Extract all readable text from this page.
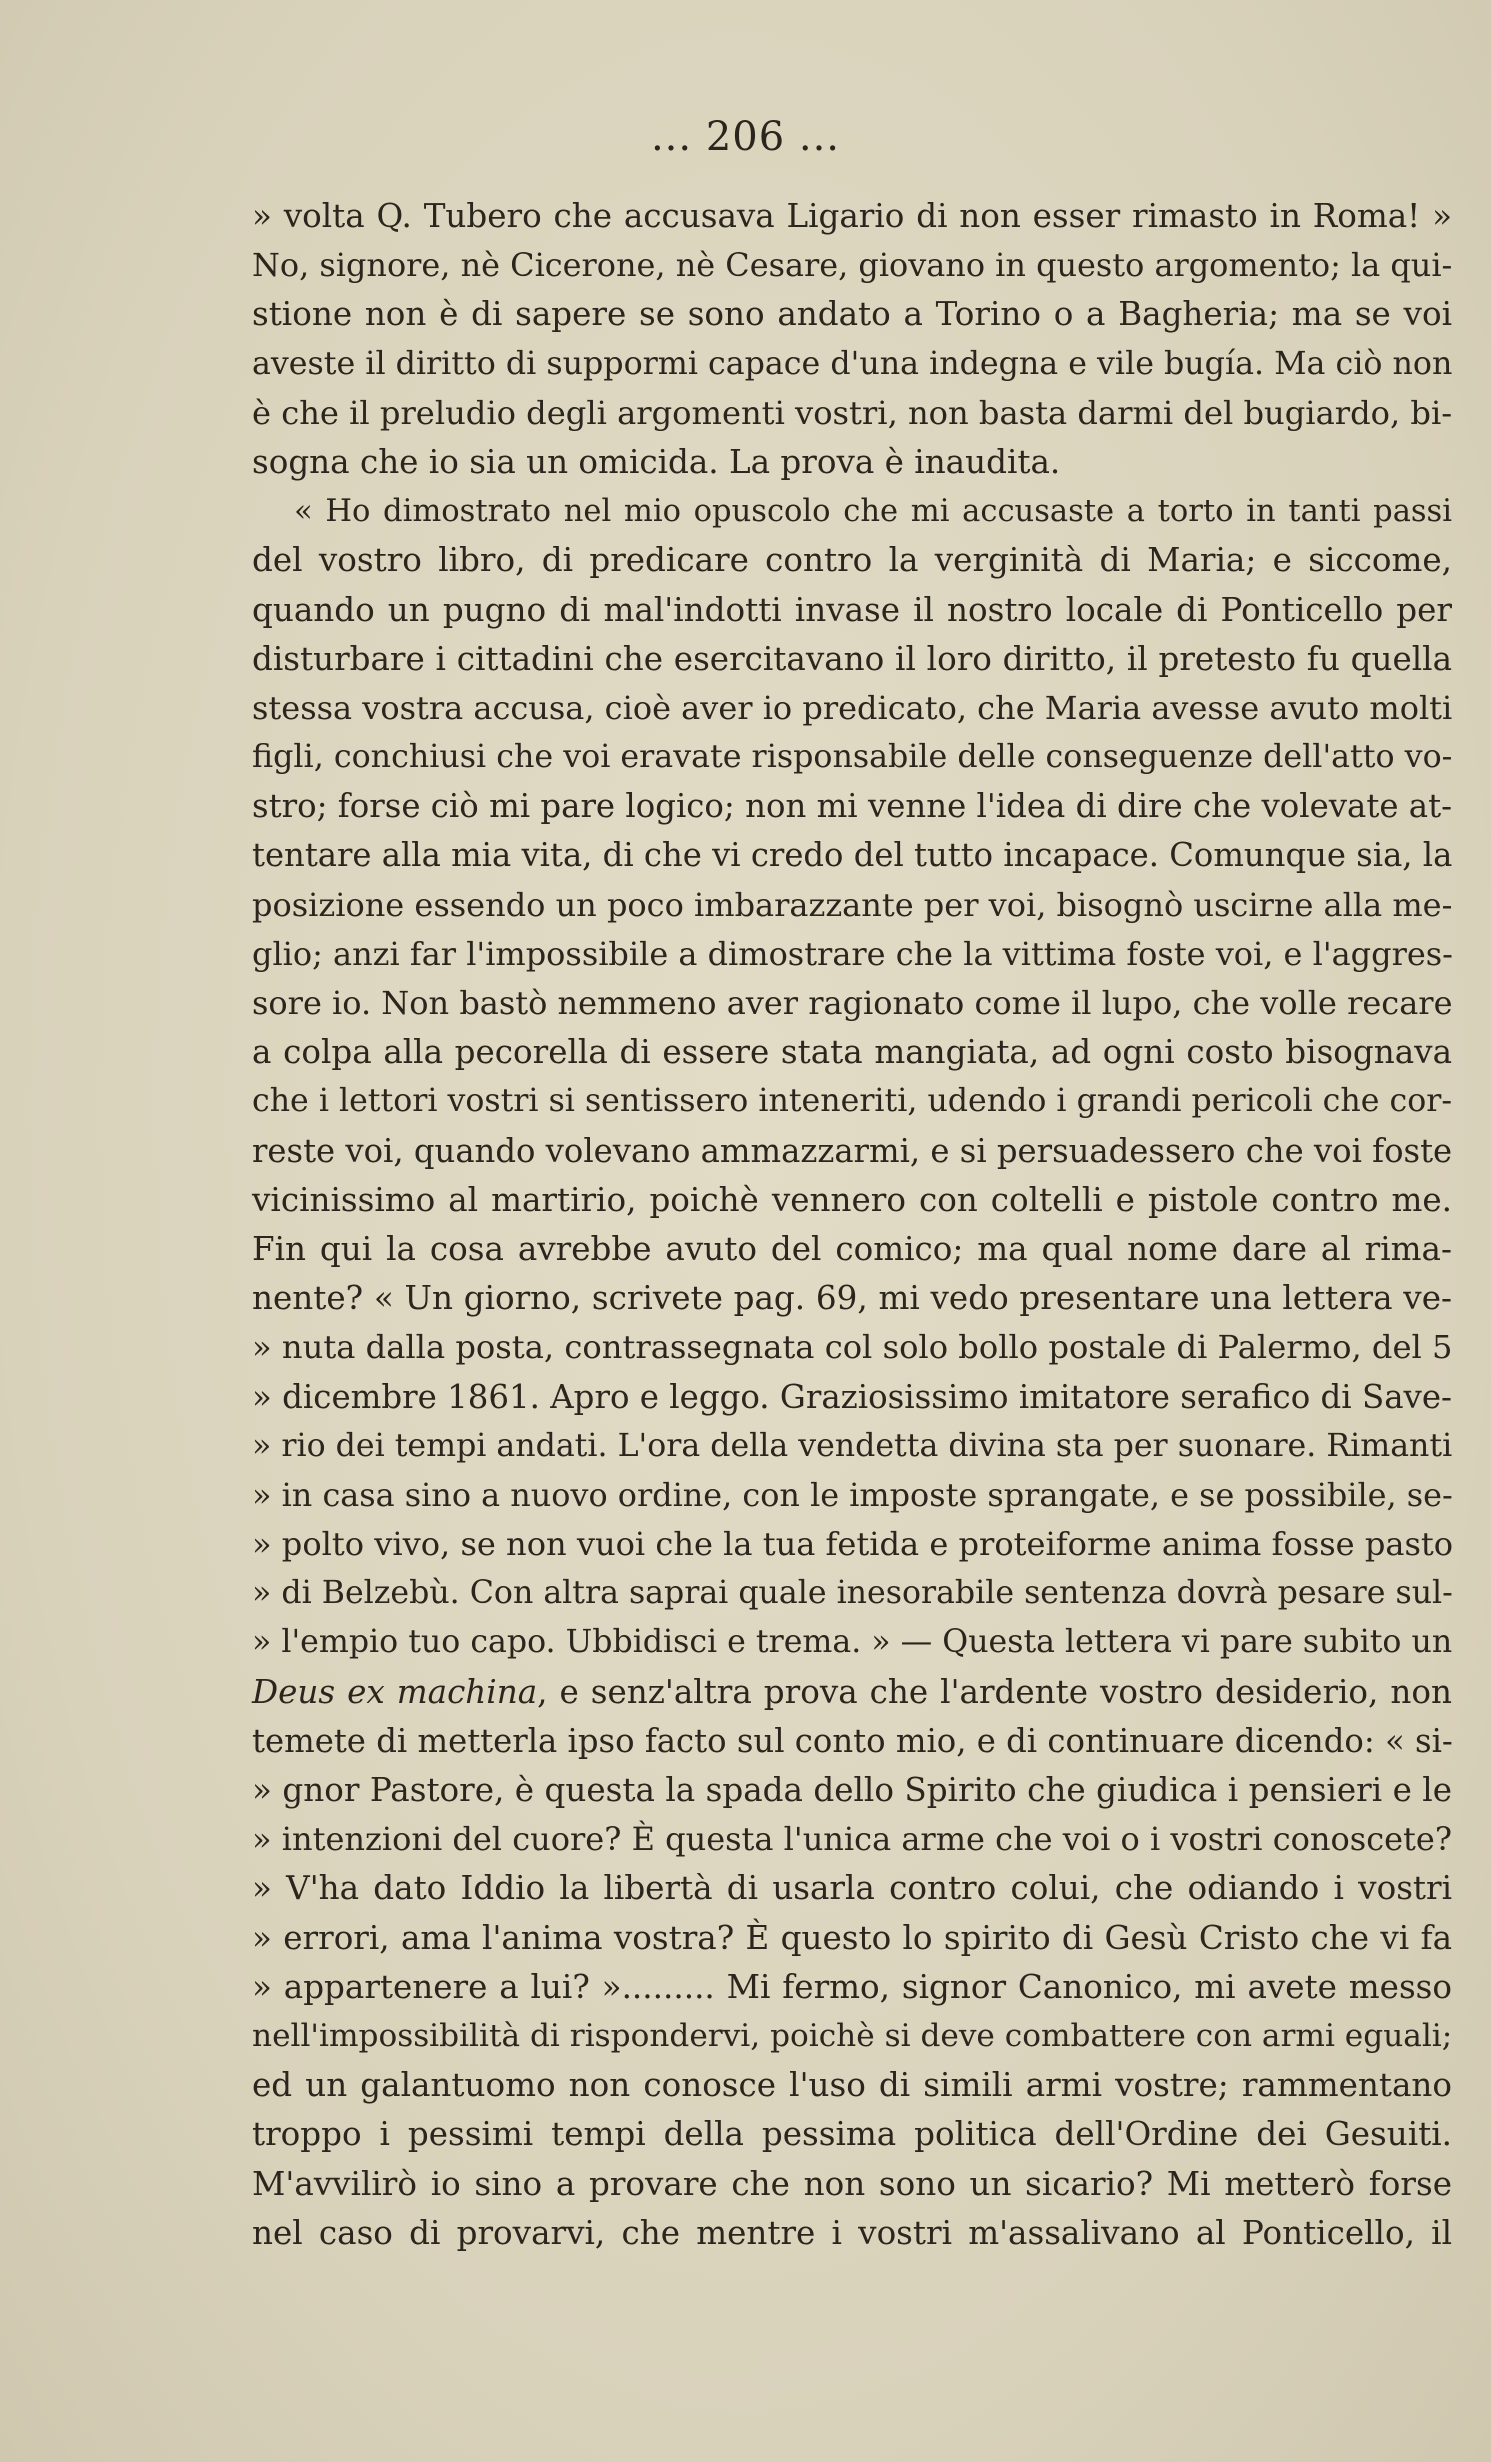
... 206 ...
» volta Q. Tubero che accusava Ligario di non esser rimasto in Roma! »
No, signore, nè Cicerone, nè Cesare, giovano in questo argomento; la qui-
stione non è di sapere se sono andato a Torino o a Bagheria; ma se voi
aveste il diritto di suppormi capace d'una indegna e vile bugía. Ma ciò non
è che il preludio degli argomenti vostri, non basta darmi del bugiardo, bi-
sogna che io sia un omicida. La prova è inaudita.
« Ho dimostrato nel mio opuscolo che mi accusaste a torto in tanti passi
del vostro libro, di predicare contro la verginità di Maria; e siccome,
quando un pugno di mal'indotti invase il nostro locale di Ponticello per
disturbare i cittadini che esercitavano il loro diritto, il pretesto fu quella
stessa vostra accusa, cioè aver io predicato, che Maria avesse avuto molti
figli, conchiusi che voi eravate risponsabile delle conseguenze dell'atto vo-
stro; forse ciò mi pare logico; non mi venne l'idea di dire che volevate at-
tentare alla mia vita, di che vi credo del tutto incapace. Comunque sia, la
posizione essendo un poco imbarazzante per voi, bisognò uscirne alla me-
glio; anzi far l'impossibile a dimostrare che la vittima foste voi, e l'aggres-
sore io. Non bastò nemmeno aver ragionato come il lupo, che volle recare
a colpa alla pecorella di essere stata mangiata, ad ogni costo bisognava
che i lettori vostri si sentissero inteneriti, udendo i grandi pericoli che cor-
reste voi, quando volevano ammazzarmi, e si persuadessero che voi foste
vicinissimo al martirio, poichè vennero con coltelli e pistole contro me.
Fin qui la cosa avrebbe avuto del comico; ma qual nome dare al rima-
nente? « Un giorno, scrivete pag. 69, mi vedo presentare una lettera ve-
» nuta dalla posta, contrassegnata col solo bollo postale di Palermo, del 5
» dicembre 1861. Apro e leggo. Graziosissimo imitatore serafico di Save-
» rio dei tempi andati. L'ora della vendetta divina sta per suonare. Rimanti
» in casa sino a nuovo ordine, con le imposte sprangate, e se possibile, se-
» polto vivo, se non vuoi che la tua fetida e proteiforme anima fosse pasto
» di Belzebù. Con altra saprai quale inesorabile sentenza dovrà pesare sul-
» l'empio tuo capo. Ubbidisci e trema. » — Questa lettera vi pare subito un
Deus ex machina, e senz'altra prova che l'ardente vostro desiderio, non
temete di metterla ipso facto sul conto mio, e di continuare dicendo: « si-
» gnor Pastore, è questa la spada dello Spirito che giudica i pensieri e le
» intenzioni del cuore? È questa l'unica arme che voi o i vostri conoscete?
» V'ha dato Iddio la libertà di usarla contro colui, che odiando i vostri
» errori, ama l'anima vostra? È questo lo spirito di Gesù Cristo che vi fa
» appartenere a lui? »......... Mi fermo, signor Canonico, mi avete messo
nell'impossibilità di rispondervi, poichè si deve combattere con armi eguali;
ed un galantuomo non conosce l'uso di simili armi vostre; rammentano
troppo i pessimi tempi della pessima politica dell'Ordine dei Gesuiti.
M'avvilirò io sino a provare che non sono un sicario? Mi metterò forse
nel caso di provarvi, che mentre i vostri m'assalivano al Ponticello, il
